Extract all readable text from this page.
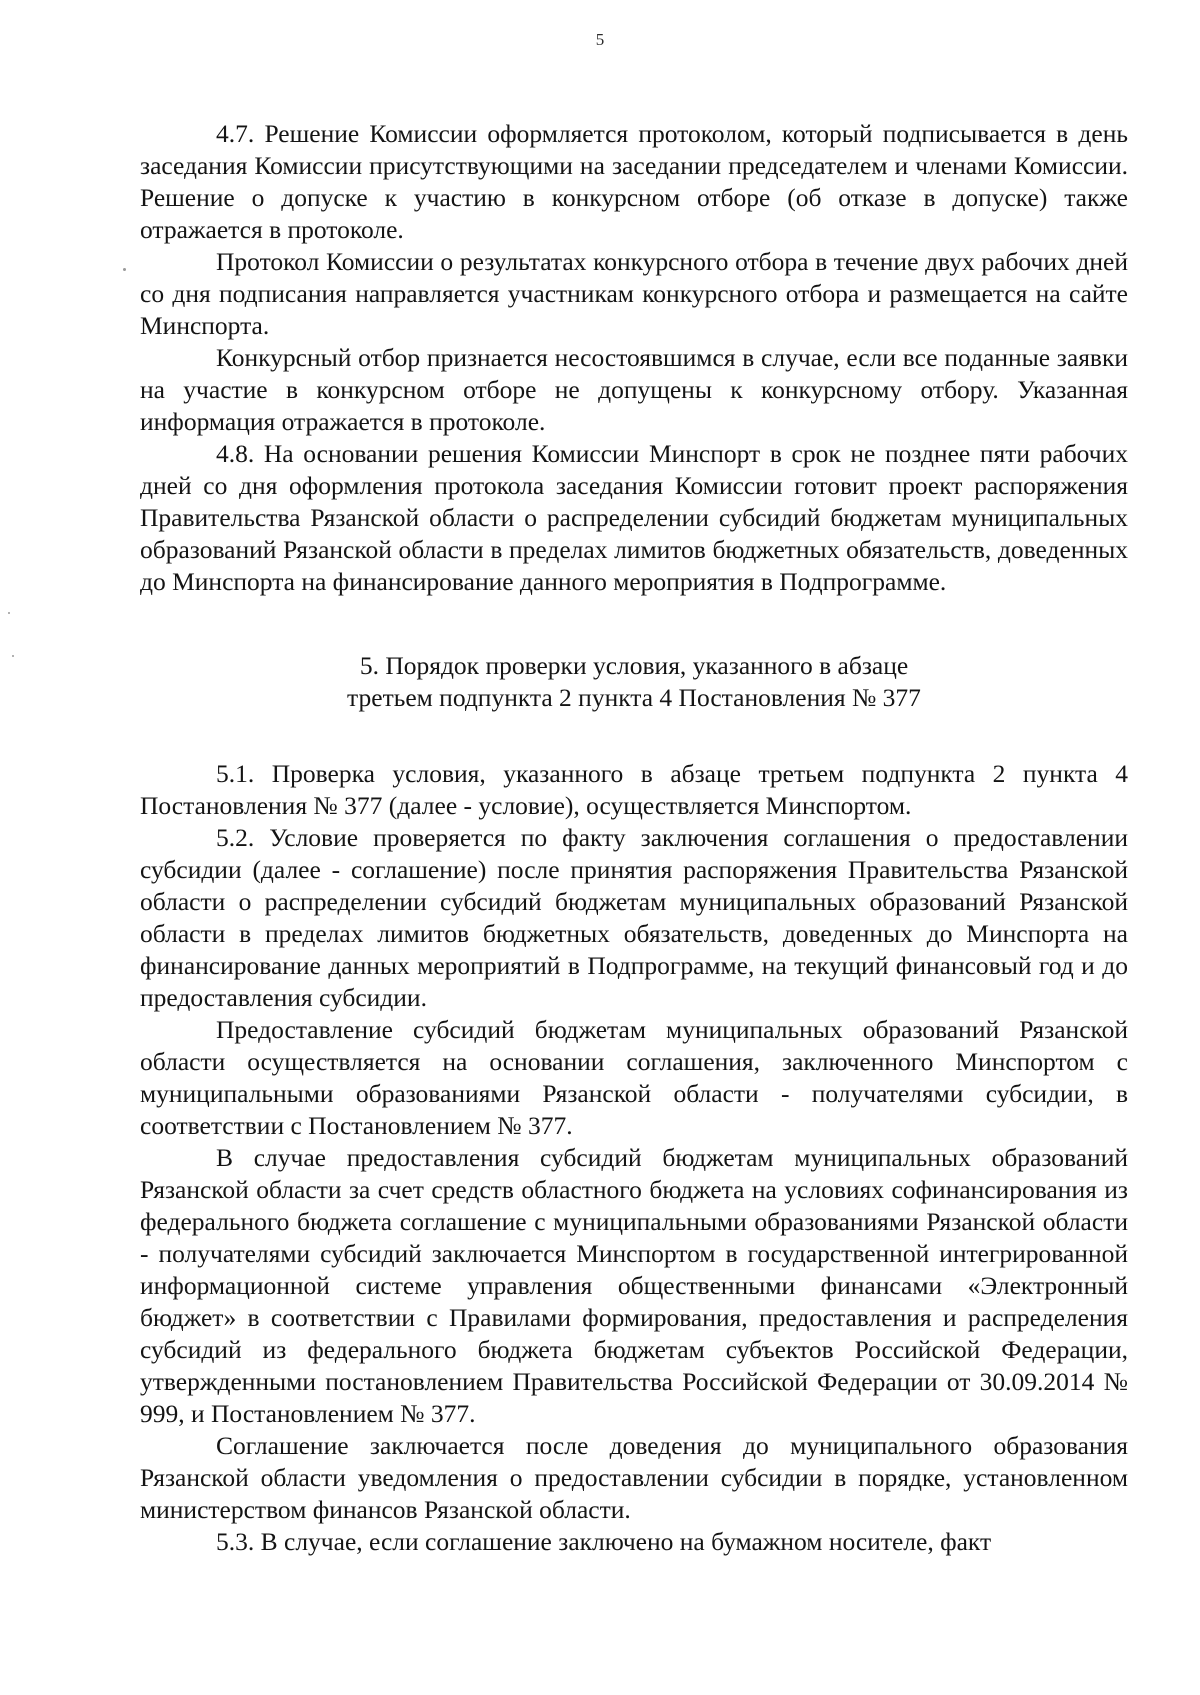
5

4.7. Решение Комиссии оформляется протоколом, который подписывается в день заседания Комиссии присутствующими на заседании председателем и членами Комиссии. Решение о допуске к участию в конкурсном отборе (об отказе в допуске) также отражается в протоколе.

Протокол Комиссии о результатах конкурсного отбора в течение двух рабочих дней со дня подписания направляется участникам конкурсного отбора и размещается на сайте Минспорта.

Конкурсный отбор признается несостоявшимся в случае, если все поданные заявки на участие в конкурсном отборе не допущены к конкурсному отбору. Указанная информация отражается в протоколе.

4.8. На основании решения Комиссии Минспорт в срок не позднее пяти рабочих дней со дня оформления протокола заседания Комиссии готовит проект распоряжения Правительства Рязанской области о распределении субсидий бюджетам муниципальных образований Рязанской области в пределах лимитов бюджетных обязательств, доведенных до Минспорта на финансирование данного мероприятия в Подпрограмме.

5. Порядок проверки условия, указанного в абзаце
третьем подпункта 2 пункта 4 Постановления № 377

5.1. Проверка условия, указанного в абзаце третьем подпункта 2 пункта 4 Постановления № 377 (далее - условие), осуществляется Минспортом.

5.2. Условие проверяется по факту заключения соглашения о предоставлении субсидии (далее - соглашение) после принятия распоряжения Правительства Рязанской области о распределении субсидий бюджетам муниципальных образований Рязанской области в пределах лимитов бюджетных обязательств, доведенных до Минспорта на финансирование данных мероприятий в Подпрограмме, на текущий финансовый год и до предоставления субсидии.

Предоставление субсидий бюджетам муниципальных образований Рязанской области осуществляется на основании соглашения, заключенного Минспортом с муниципальными образованиями Рязанской области - получателями субсидии, в соответствии с Постановлением № 377.

В случае предоставления субсидий бюджетам муниципальных образований Рязанской области за счет средств областного бюджета на условиях софинансирования из федерального бюджета соглашение с муниципальными образованиями Рязанской области - получателями субсидий заключается Минспортом в государственной интегрированной информационной системе управления общественными финансами «Электронный бюджет» в соответствии с Правилами формирования, предоставления и распределения субсидий из федерального бюджета бюджетам субъектов Российской Федерации, утвержденными постановлением Правительства Российской Федерации от 30.09.2014 № 999, и Постановлением № 377.

Соглашение заключается после доведения до муниципального образования Рязанской области уведомления о предоставлении субсидии в порядке, установленном министерством финансов Рязанской области.

5.3. В случае, если соглашение заключено на бумажном носителе, факт
